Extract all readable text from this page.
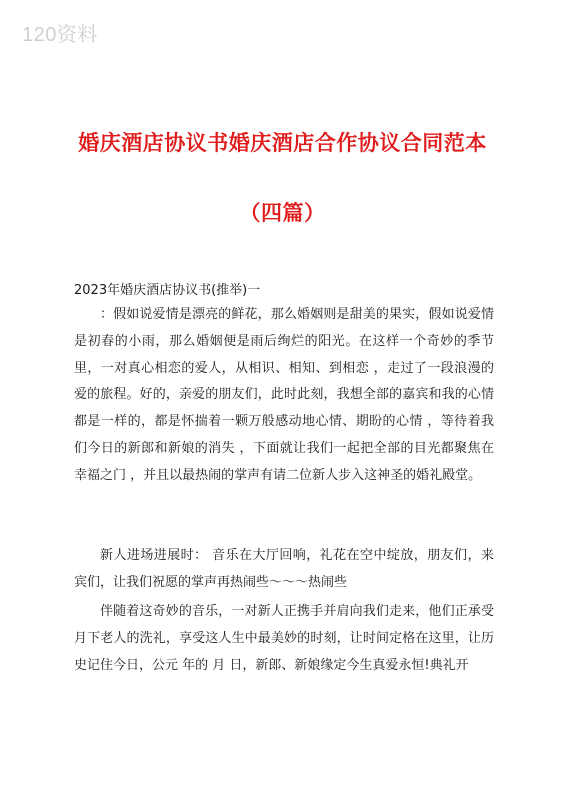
120资料
婚庆酒店协议书婚庆酒店合作协议合同范本
（四篇）
2023年婚庆酒店协议书(推举)一
：假如说爱情是漂亮的鲜花，那么婚姻则是甜美的果实，假如说爱情是初春的小雨，那么婚姻便是雨后绚烂的阳光。在这样一个奇妙的季节里，一对真心相恋的爱人，从相识、相知、到相恋 ，走过了一段浪漫的爱的旅程。好的，亲爱的朋友们，此时此刻，我想全部的嘉宾和我的心情都是一样的，都是怀揣着一颗万般感动地心情、期盼的心情 ，等待着我们今日的新郎和新娘的消失 ，下面就让我们一起把全部的目光都聚焦在幸福之门 ，并且以最热闹的掌声有请二位新人步入这神圣的婚礼殿堂。
新人进场进展时： 音乐在大厅回响，礼花在空中绽放，朋友们，来宾们，让我们祝愿的掌声再热闹些～～～热闹些
伴随着这奇妙的音乐，一对新人正携手并肩向我们走来，他们正承受月下老人的洗礼，享受这人生中最美妙的时刻，让时间定格在这里，让历史记住今日，公元 年的 月 日，新郎、新娘缘定今生真爱永恒!典礼开
